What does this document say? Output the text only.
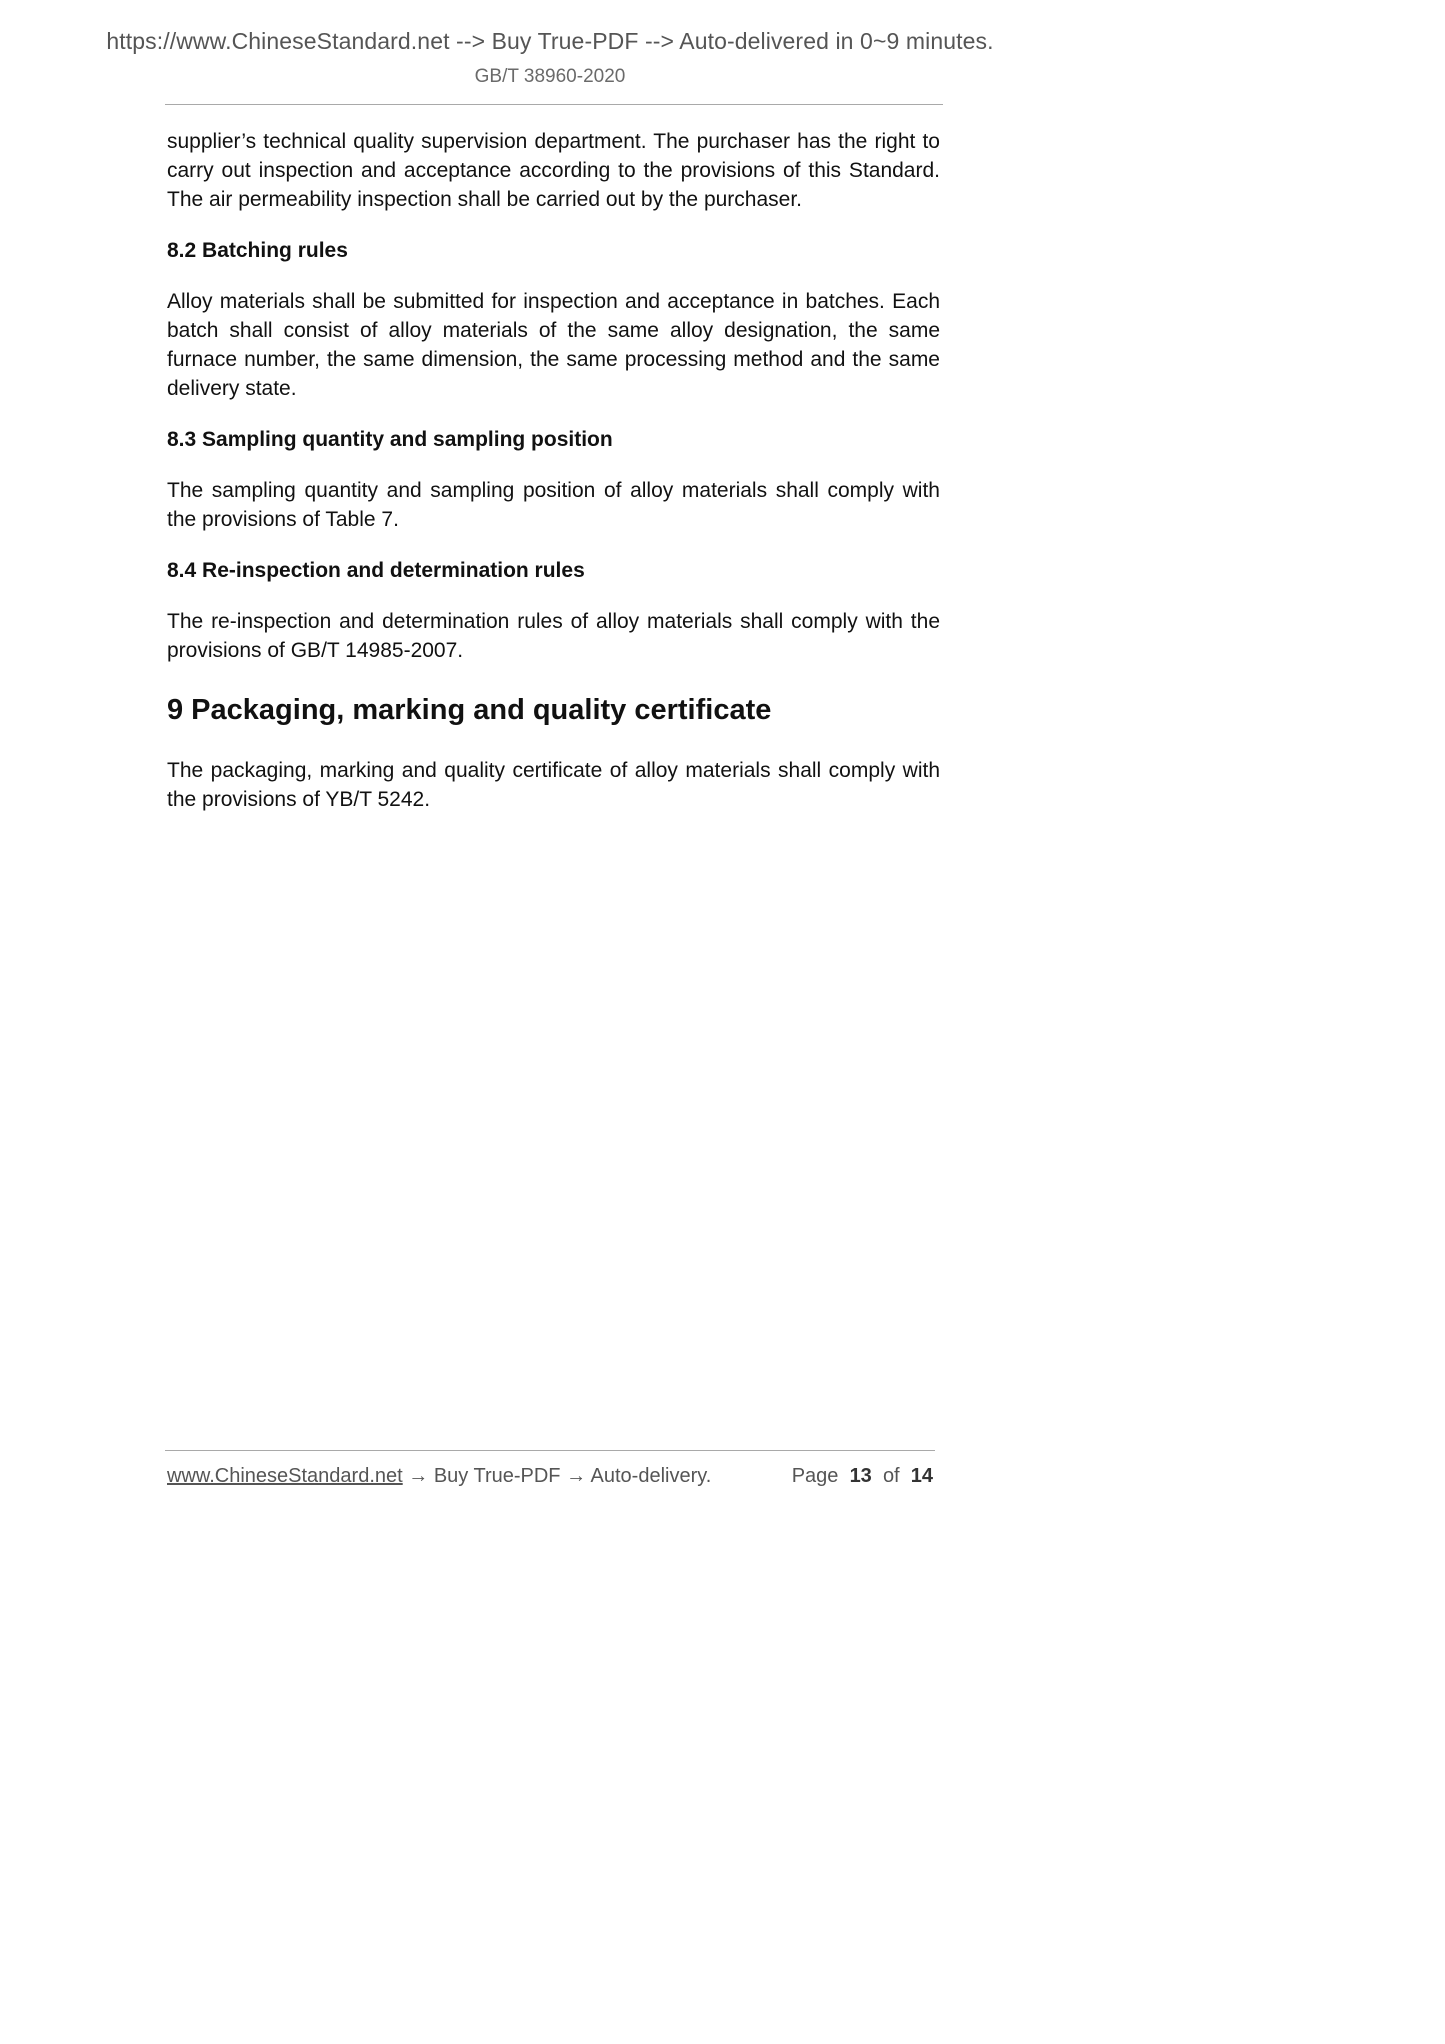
https://www.ChineseStandard.net --> Buy True-PDF --> Auto-delivered in 0~9 minutes.
GB/T 38960-2020

supplier’s technical quality supervision department. The purchaser has the right to carry out inspection and acceptance according to the provisions of this Standard. The air permeability inspection shall be carried out by the purchaser.

8.2 Batching rules

Alloy materials shall be submitted for inspection and acceptance in batches. Each batch shall consist of alloy materials of the same alloy designation, the same furnace number, the same dimension, the same processing method and the same delivery state.

8.3 Sampling quantity and sampling position

The sampling quantity and sampling position of alloy materials shall comply with the provisions of Table 7.

8.4 Re-inspection and determination rules

The re-inspection and determination rules of alloy materials shall comply with the provisions of GB/T 14985-2007.

9 Packaging, marking and quality certificate

The packaging, marking and quality certificate of alloy materials shall comply with the provisions of YB/T 5242.

www.ChineseStandard.net → Buy True-PDF → Auto-delivery.	Page 13 of 14
